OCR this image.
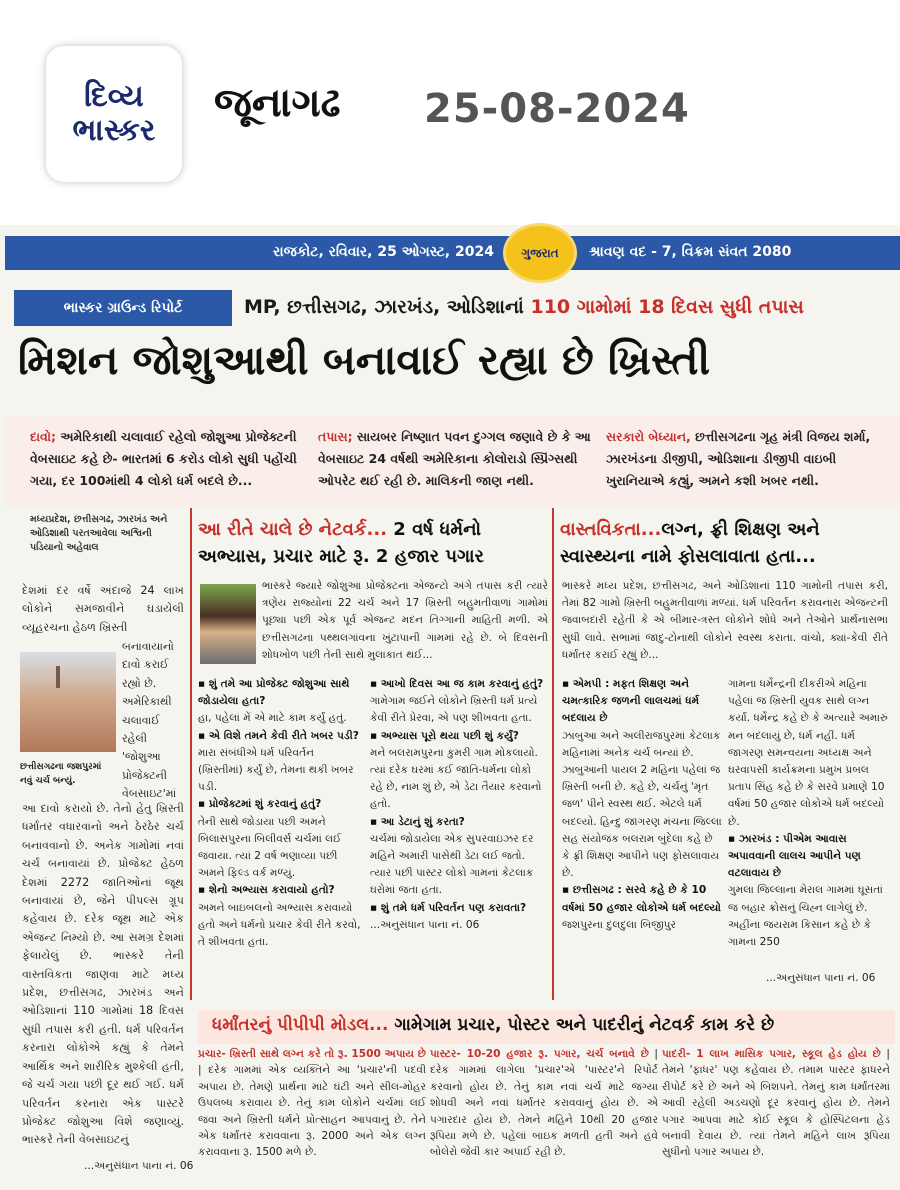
દિવ્ય
ભાસ્કર
જૂનાગઢ 25-08-2024
રાજકોટ, રવિવાર, 25 ઓગસ્ટ, 2024	શ્રાવણ વદ - 7, વિક્રમ સંવત 2080
ગુજરાત
ભાસ્કર ગ્રાઉન્ડ રિપોર્ટ	MP, છત્તીસગઢ, ઝારખંડ, ઓડિશાનાં 110 ગામોમાં 18 દિવસ સુધી તપાસ
મિશન જોશુઆથી બનાવાઈ રહ્યા છે ખ્રિસ્તી
દાવો; અમેરિકાથી ચલાવાઈ રહેલો જોશુઆ પ્રોજેક્ટની વેબસાઇટ કહે છે- ભારતમાં 6 કરોડ લોકો સુધી પહોંચી ગયા, દર 100માંથી 4 લોકો ધર્મ બદલે છે...
તપાસ; સાયબર નિષ્ણાત પવન દુગ્ગલ જણાવે છે કે આ વેબસાઇટ 24 વર્ષથી અમેરિકાના કોલોરાડો સ્પ્રિંગ્સથી ઓપરેટ થઈ રહી છે. માલિકની જાણ નથી.
સરકારો બેધ્યાન, છત્તીસગઢના ગૃહ મંત્રી વિજય શર્મા, ઝારખંડના ડીજીપી, ઓડિશાના ડીજીપી વાઇબી ખુરાનિયાએ કહ્યું, અમને કશી ખબર નથી.
મધ્યપ્રદેશ, છત્તીસગઢ, ઝારખંડ અને ઓડિશાથી પરતઆવેલા અશ્વિની પડિયાનો અહેવાલ
દેશમાં દર વર્ષે અંદાજે 24 લાખ લોકોને સમજાવીને ઘડાયેલી વ્યૂહરચના હેઠળ ખ્રિસ્તી
બનાવાયાનો દાવો કરાઈ રહ્યો છે. અમેરિકાથી ચલાવાઈ રહેલી 'જોશુઆ પ્રોજેક્ટની વેબસાઇટ'માં
છત્તીસગઢના જશપુરમાં નવું ચર્ચ બન્યું.
આ દાવો કરાયો છે. તેનો હેતુ ખ્રિસ્તી ધર્માંતર વધારવાનો અને ઠેરઠેર ચર્ચ બનાવવાનો છે. અનેક ગામોમાં નવાં ચર્ચ બનાવાયાં છે. પ્રોજેક્ટ હેઠળ દેશમાં 2272 જાતિઓનાં જૂથ બનાવાયાં છે, જેને પીપલ્સ ગ્રૂપ કહેવાય છે. દરેક જૂથ માટે એક એજન્ટ નિમ્યો છે. આ સમગ્ર દેશમાં ફેલાયેલું છે. ભાસ્કરે તેની વાસ્તવિકતા જાણવા માટે મધ્ય પ્રદેશ, છત્તીસગઢ, ઝારખંડ અને ઓડિશાનાં 110 ગામોમાં 18 દિવસ સુધી તપાસ કરી હતી. ધર્મ પરિવર્તન કરનારા લોકોએ કહ્યું કે તેમને આર્થિક અને શારીરિક મુશ્કેલી હતી, જે ચર્ચ ગયા પછી દૂર થઈ ગઈ. ધર્મ પરિવર્તન કરનારા એક પાસ્ટરે પ્રોજેક્ટ જોશુઆ વિશે જણાવ્યું. ભાસ્કરે તેની વેબસાઇટનું
...અનુસંધાન પાના નં. 06
આ રીતે ચાલે છે નેટવર્ક... 2 વર્ષ ધર્મનો અભ્યાસ, પ્રચાર માટે રૂ. 2 હજાર પગાર
ભાસ્કરે જ્યારે જોશુઆ પ્રોજેક્ટના એજન્ટો અંગે તપાસ કરી ત્યારે ત્રણેય રાજ્યોનાં 22 ચર્ચ અને 17 ખ્રિસ્તી બહુમતીવાળાં ગામોમાં પૂછ્યા પછી એક પૂર્વ એજન્ટ મદન તિગ્ગાની માહિતી મળી. એ છત્તીસગઢના પથ્થલગાંવના ખુંટાપાની ગામમાં રહે છે. બે દિવસની શોધખોળ પછી તેની સાથે મુલાકાત થઈ...
▪ શું તમે આ પ્રોજેક્ટ જોશુઆ સાથે જોડાયેલા હતા?
હા, પહેલાં મેં એ માટે કામ કર્યું હતું.
▪ એ વિશે તમને કેવી રીતે ખબર પડી?
મારા સંબંધીએ ધર્મ પરિવર્તન (ખ્રિસ્તીમાં) કર્યું છે, તેમના થકી ખબર પડી.
▪ પ્રોજેક્ટમાં શું કરવાનું હતું?
તેની સાથે જોડાયા પછી અમને બિલાસપુરના બિલીવર્સ ચર્ચમાં લઈ જવાયા. ત્યાં 2 વર્ષ ભણાવ્યા પછી અમને ફિલ્ડ વર્ક મળ્યું.
▪ શેનો અભ્યાસ કરાવાયો હતો?
અમને બાઇબલનો અભ્યાસ કરાવાયો હતો અને ધર્મનો પ્રચાર કેવી રીતે કરવો, તે શીખવતા હતા.
▪ આખો દિવસ આ જ કામ કરવાનું હતું?
ગામેગામ જઈને લોકોને ખ્રિસ્તી ધર્મ પ્રત્યે કેવી રીતે પ્રેરવા, એ પણ શીખવતા હતા.
▪ અભ્યાસ પૂરો થયા પછી શું કર્યું?
મને બલરામપુરના કુમરી ગામ મોકલાયો. ત્યાં દરેક ઘરમાં કઈ જાતિ-ધર્મના લોકો રહે છે, નામ શું છે, એ ડેટા તૈયાર કરવાનો હતો.
▪ આ ડેટાનું શું કરતા?
ચર્ચમાં જોડાયેલા એક સુપરવાઇઝર દર મહિને અમારી પાસેથી ડેટા લઈ જતો. ત્યાર પછી પાસ્ટર લોકો ગામનાં કેટલાક ઘરોમાં જતા હતા.
▪ શું તમે ધર્મ પરિવર્તન પણ કરાવતા?
...અનુસંધાન પાના નં. 06
વાસ્તવિકતા...લગ્ન, ફ્રી શિક્ષણ અને સ્વાસ્થ્યના નામે ફોસલાવાતા હતા...
ભાસ્કરે મધ્ય પ્રદેશ, છત્તીસગઢ, અને ઓડિશાનાં 110 ગામોની તપાસ કરી, તેમાં 82 ગામો ખ્રિસ્તી બહુમતીવાળાં મળ્યાં. ધર્મ પરિવર્તન કરાવનારા એજન્ટની જવાબદારી રહેતી કે એ બીમાર-ત્રસ્ત લોકોને શોધે અને તેઓને પ્રાર્થનાસભા સુધી લાવે. સભામાં જાદુ-ટોનાથી લોકોને સ્વસ્થ કરાતા. વાંચો, ક્યાં-કેવી રીતે ધર્માંતર કરાઈ રહ્યું છે...
▪ એમપી : મફત શિક્ષણ અને ચમત્કારિક જળની લાલચમાં ધર્મ બદલાય છે
ઝાબુઆ અને અલીરાજપુરમાં કેટલાક મહિનામાં અનેક ચર્ચ બન્યાં છે. ઝાબુઆની પાયલ 2 મહિના પહેલાં જ ખ્રિસ્તી બની છે. કહે છે, ચર્ચનું 'મૃત જળ' પીને સ્વસ્થ થઈ. એટલે ધર્મ બદલ્યો. હિન્દુ જાગરણ મંચના જિલ્લા સહ સંયોજક બલરામ બુંદેલા કહે છે કે ફ્રી શિક્ષણ આપીને પણ ફોસલાવાય છે.
▪ છત્તીસગઢ : સરવે કહે છે કે 10 વર્ષમાં 50 હજાર લોકોએ ધર્મ બદલ્યો
જશપુરના દુલદુલા બિજીપુર
ગામના ધર્મેન્દ્રની દીકરીએ મહિના પહેલાં જ ખ્રિસ્તી યુવક સાથે લગ્ન કર્યાં. ધર્મેન્દ્ર કહે છે કે અત્યારે અમારું મન બદલાયું છે, ધર્મ નહીં. ધર્મ જાગરણ સમન્વયના અધ્યક્ષ અને ઘરવાપસી કાર્યક્રમના પ્રમુખ પ્રબલ પ્રતાપ સિંહ કહે છે કે સરવે પ્રમાણે 10 વર્ષમાં 50 હજાર લોકોએ ધર્મ બદલ્યો છે.
▪ ઝારખંડ : પીએમ આવાસ અપાવવાની લાલચ આપીને પણ વટલાવાય છે
ગુમલા જિલ્લાના મેરાલ ગામમાં ઘૂસતાં જ બહાર ક્રોસનું ચિહ્ન લાગેલું છે. અહીંના જયરામ કિસાન કહે છે કે ગામના 250
...અનુસંધાન પાના નં. 06
ધર્માંતરનું પીપીપી મોડલ... ગામેગામ પ્રચાર, પોસ્ટર અને પાદરીનું નેટવર્ક કામ કરે છે
પ્રચાર- ખ્રિસ્તી સાથે લગ્ન કરે તો રૂ. 1500 અપાય છે | દરેક ગામમાં એક વ્યક્તિને આ 'પ્રચાર'ની પદવી અપાય છે. તેમણે પ્રાર્થના માટે ઘંટી અને સીલ-મોહર ઉપલબ્ધ કરાવાય છે. તેનું કામ લોકોને ચર્ચમાં લઈ જવા અને ખ્રિસ્તી ધર્મને પ્રોત્સાહન આપવાનું છે. તેને એક ધર્માંતર કરાવવાના રૂ. 2000 અને એક લગ્ન કરાવવાના રૂ. 1500 મળે છે.
પાસ્ટર- 10-20 હજાર રૂ. પગાર, ચર્ચ બનાવે છે | દરેક ગામમાં લાગેલા 'પ્રચાર'એ 'પાસ્ટર'ને રિપોર્ટ કરવાનો હોય છે. તેનું કામ નવાં ચર્ચ માટે જગ્યા શોધવી અને નવાં ધર્માંતર કરાવવાનું હોય છે. એ પગારદાર હોય છે. તેમને મહિને 10થી 20 હજાર રૂપિયા મળે છે. પહેલાં બાઇક મળતી હતી અને હવે બોલેરો જેવી કાર અપાઈ રહી છે.
પાદરી- 1 લાખ માસિક પગાર, સ્કૂલ હેડ હોય છે | તેમને 'ફાધર' પણ કહેવાય છે. તમામ પાસ્ટર ફાધરને રીપોર્ટ કરે છે અને એ બિશપને. તેમનું કામ ધર્માંતરમાં આવી રહેલી અડચણો દૂર કરવાનું હોય છે. તેમને પગાર આપવા માટે કોઈ સ્કૂલ કે હોસ્પિટલના હેડ બનાવી દેવાય છે. ત્યાં તેમને મહિને લાખ રૂપિયા સુધીનો પગાર અપાય છે.
